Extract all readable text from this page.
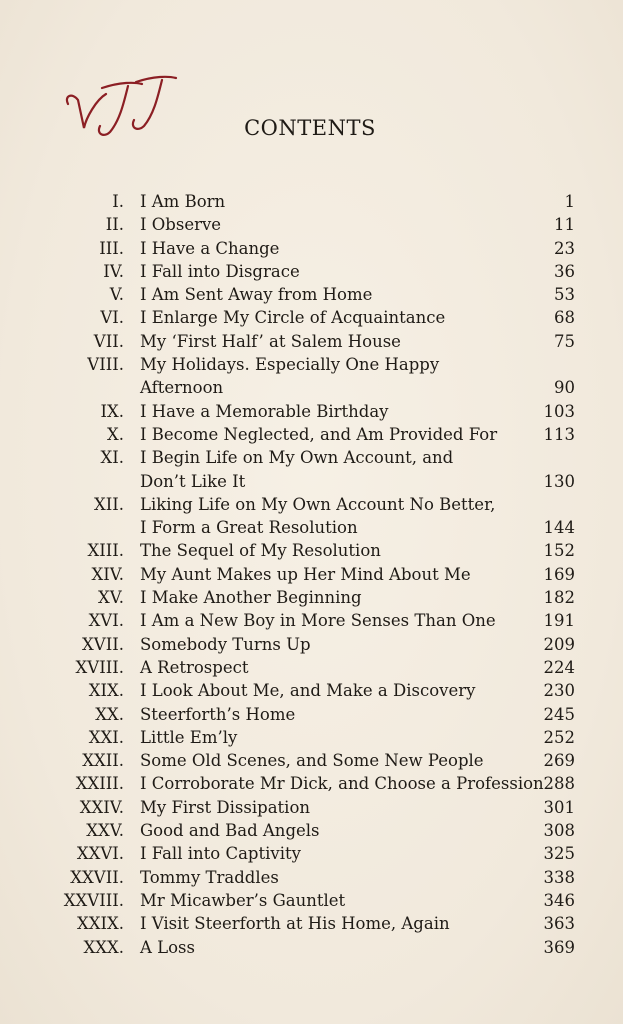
CONTENTS
I. I Am Born	1
II. I Observe	11
III. I Have a Change	23
IV. I Fall into Disgrace	36
V. I Am Sent Away from Home	53
VI. I Enlarge My Circle of Acquaintance	68
VII. My ‘First Half’ at Salem House	75
VIII. My Holidays. Especially One Happy
Afternoon	90
IX. I Have a Memorable Birthday	103
X. I Become Neglected, and Am Provided For	113
XI. I Begin Life on My Own Account, and
Don’t Like It	130
XII. Liking Life on My Own Account No Better,
I Form a Great Resolution	144
XIII. The Sequel of My Resolution	152
XIV. My Aunt Makes up Her Mind About Me	169
XV. I Make Another Beginning	182
XVI. I Am a New Boy in More Senses Than One	191
XVII. Somebody Turns Up	209
XVIII. A Retrospect	224
XIX. I Look About Me, and Make a Discovery	230
XX. Steerforth’s Home	245
XXI. Little Em’ly	252
XXII. Some Old Scenes, and Some New People	269
XXIII. I Corroborate Mr Dick, and Choose a Profession 288
XXIV. My First Dissipation	301
XXV. Good and Bad Angels	308
XXVI. I Fall into Captivity	325
XXVII. Tommy Traddles	338
XXVIII. Mr Micawber’s Gauntlet	346
XXIX. I Visit Steerforth at His Home, Again	363
XXX. A Loss	369
